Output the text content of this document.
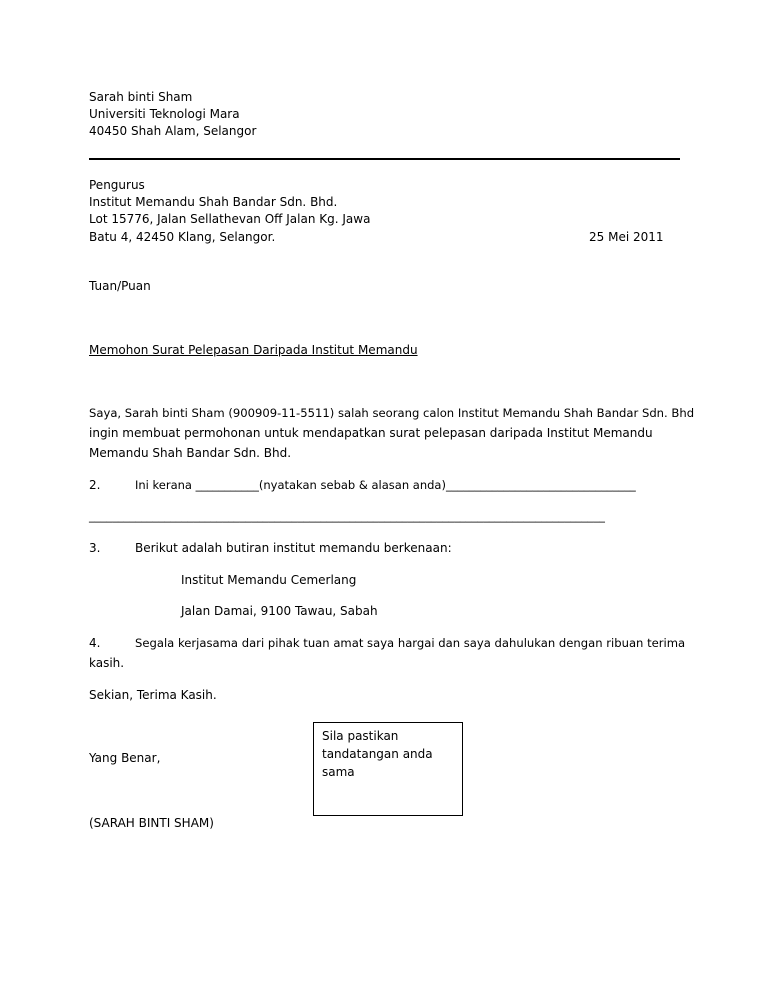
Sarah binti Sham
Universiti Teknologi Mara
40450 Shah Alam, Selangor
Pengurus
Institut Memandu Shah Bandar Sdn. Bhd.
Lot 15776, Jalan Sellathevan Off Jalan Kg. Jawa
Batu 4, 42450 Klang, Selangor.	25 Mei 2011
Tuan/Puan
Memohon Surat Pelepasan Daripada Institut Memandu
Saya, Sarah binti Sham (900909-11-5511) salah seorang calon Institut Memandu Shah Bandar Sdn. Bhd
ingin membuat permohonan untuk mendapatkan surat pelepasan daripada Institut Memandu
Memandu Shah Bandar Sdn. Bhd.
2.	Ini kerana ___________(nyatakan sebab & alasan anda)_________________________________
_________________________________________________________________________________________
3.	Berikut adalah butiran institut memandu berkenaan:
Institut Memandu Cemerlang
Jalan Damai, 9100 Tawau, Sabah
4.	Segala kerjasama dari pihak tuan amat saya hargai dan saya dahulukan dengan ribuan terima
kasih.
Sekian, Terima Kasih.
Yang Benar,
Sila pastikan
tandatangan anda
sama
(SARAH BINTI SHAM)
